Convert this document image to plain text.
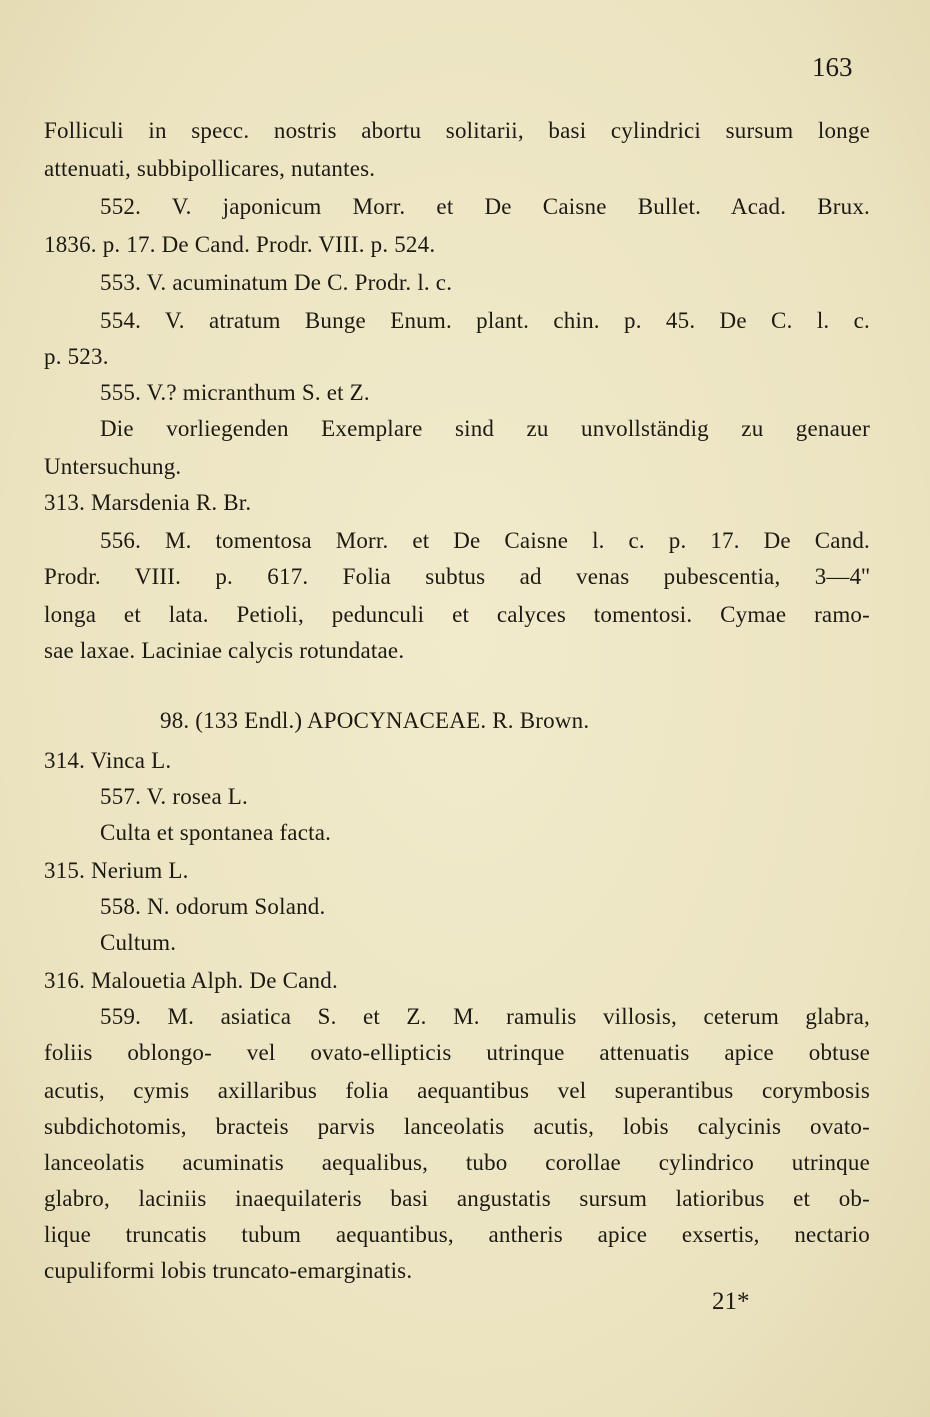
163
Folliculi in specc. nostris abortu solitarii, basi cylindrici sursum longe
attenuati, subbipollicares, nutantes.
552. V. japonicum Morr. et De Caisne Bullet. Acad. Brux.
1836. p. 17. De Cand. Prodr. VIII. p. 524.
553. V. acuminatum De C. Prodr. l. c.
554. V. atratum Bunge Enum. plant. chin. p. 45. De C. l. c.
p. 523.
555. V.? micranthum S. et Z.
Die vorliegenden Exemplare sind zu unvollständig zu genauer
Untersuchung.
313. Marsdenia R. Br.
556. M. tomentosa Morr. et De Caisne l. c. p. 17. De Cand.
Prodr. VIII. p. 617. Folia subtus ad venas pubescentia, 3—4''
longa et lata. Petioli, pedunculi et calyces tomentosi. Cymae ramo-
sae laxae. Laciniae calycis rotundatae.
98. (133 Endl.) APOCYNACEAE. R. Brown.
314. Vinca L.
557. V. rosea L.
Culta et spontanea facta.
315. Nerium L.
558. N. odorum Soland.
Cultum.
316. Malouetia Alph. De Cand.
559. M. asiatica S. et Z. M. ramulis villosis, ceterum glabra,
foliis oblongo- vel ovato-ellipticis utrinque attenuatis apice obtuse
acutis, cymis axillaribus folia aequantibus vel superantibus corymbosis
subdichotomis, bracteis parvis lanceolatis acutis, lobis calycinis ovato-
lanceolatis acuminatis aequalibus, tubo corollae cylindrico utrinque
glabro, laciniis inaequilateris basi angustatis sursum latioribus et ob-
lique truncatis tubum aequantibus, antheris apice exsertis, nectario
cupuliformi lobis truncato-emarginatis.
21*
